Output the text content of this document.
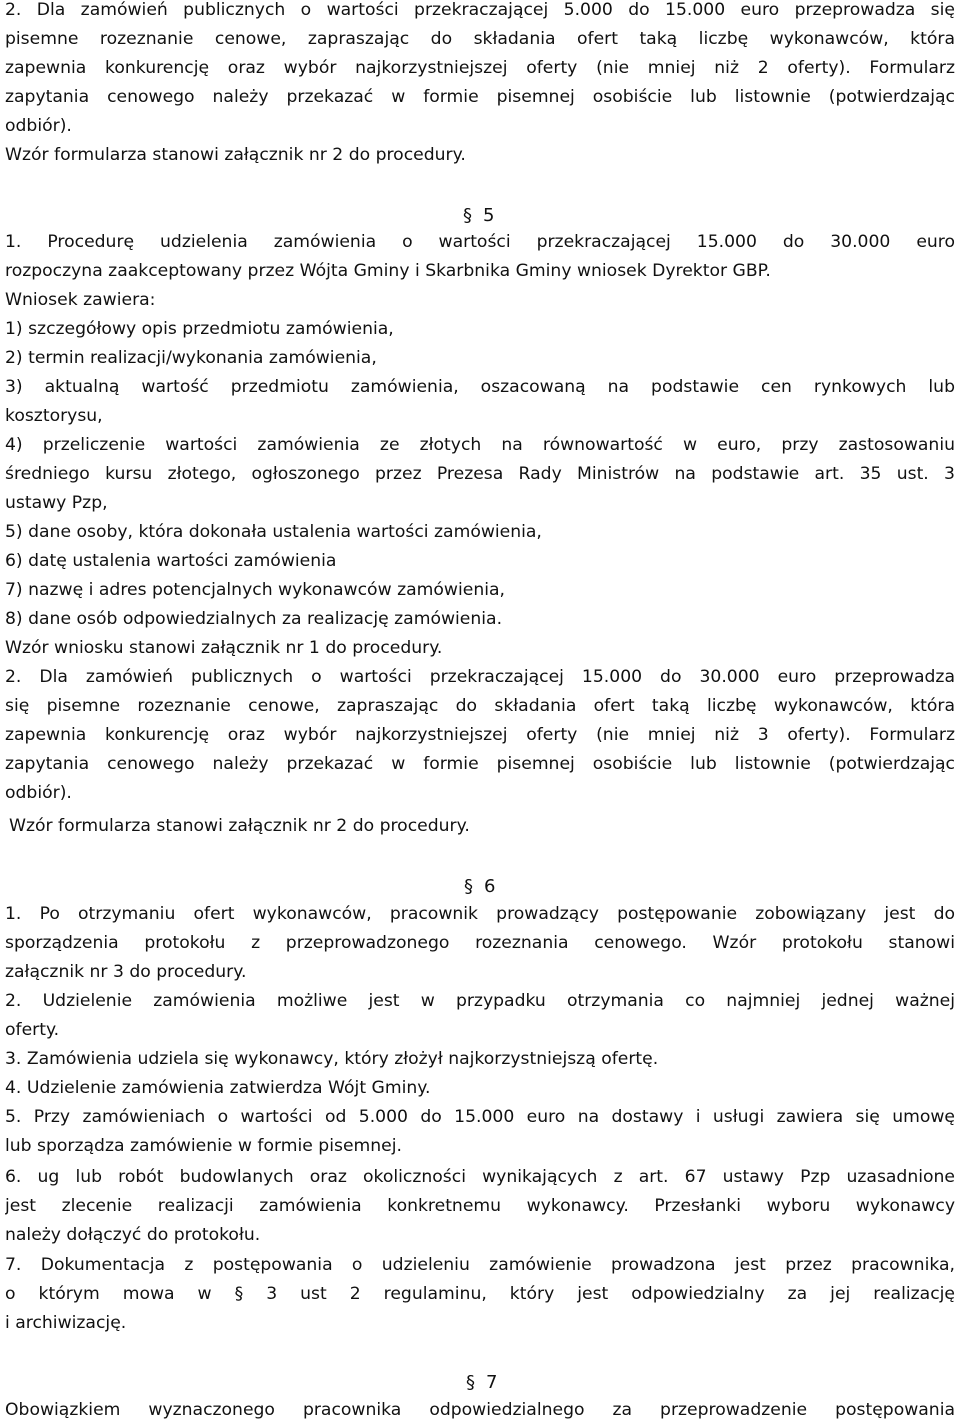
2. Dla zamówień publicznych o wartości przekraczającej 5.000 do 15.000 euro przeprowadza się
pisemne rozeznanie cenowe, zapraszając do składania ofert taką liczbę wykonawców, która
zapewnia konkurencję oraz wybór najkorzystniejszej oferty (nie mniej niż 2 oferty). Formularz
zapytania cenowego należy przekazać w formie pisemnej osobiście lub listownie (potwierdzając
odbiór).
Wzór formularza stanowi załącznik nr 2 do procedury.
§ 5
1. Procedurę udzielenia zamówienia o wartości przekraczającej 15.000 do 30.000 euro
rozpoczyna zaakceptowany przez Wójta Gminy i Skarbnika Gminy wniosek Dyrektor GBP.
Wniosek zawiera:
1) szczegółowy opis przedmiotu zamówienia,
2) termin realizacji/wykonania zamówienia,
3) aktualną wartość przedmiotu zamówienia, oszacowaną na podstawie cen rynkowych lub
kosztorysu,
4) przeliczenie wartości zamówienia ze złotych na równowartość w euro, przy zastosowaniu
średniego kursu złotego, ogłoszonego przez Prezesa Rady Ministrów na podstawie art. 35 ust. 3
ustawy Pzp,
5) dane osoby, która dokonała ustalenia wartości zamówienia,
6) datę ustalenia wartości zamówienia
7) nazwę i adres potencjalnych wykonawców zamówienia,
8) dane osób odpowiedzialnych za realizację zamówienia.
Wzór wniosku stanowi załącznik nr 1 do procedury.
2. Dla zamówień publicznych o wartości przekraczającej 15.000 do 30.000 euro przeprowadza
się pisemne rozeznanie cenowe, zapraszając do składania ofert taką liczbę wykonawców, która
zapewnia konkurencję oraz wybór najkorzystniejszej oferty (nie mniej niż 3 oferty). Formularz
zapytania cenowego należy przekazać w formie pisemnej osobiście lub listownie (potwierdzając
odbiór).
Wzór formularza stanowi załącznik nr 2 do procedury.
§ 6
1. Po otrzymaniu ofert wykonawców, pracownik prowadzący postępowanie zobowiązany jest do
sporządzenia protokołu z przeprowadzonego rozeznania cenowego. Wzór protokołu stanowi
załącznik nr 3 do procedury.
2. Udzielenie zamówienia możliwe jest w przypadku otrzymania co najmniej jednej ważnej
oferty.
3. Zamówienia udziela się wykonawcy, który złożył najkorzystniejszą ofertę.
4. Udzielenie zamówienia zatwierdza Wójt Gminy.
5. Przy zamówieniach o wartości od 5.000 do 15.000 euro na dostawy i usługi zawiera się umowę
lub sporządza zamówienie w formie pisemnej.
6. ug lub robót budowlanych oraz okoliczności wynikających z art. 67 ustawy Pzp uzasadnione
jest zlecenie realizacji zamówienia konkretnemu wykonawcy. Przesłanki wyboru wykonawcy
należy dołączyć do protokołu.
7. Dokumentacja z postępowania o udzieleniu zamówienie prowadzona jest przez pracownika,
o którym mowa w § 3 ust 2 regulaminu, który jest odpowiedzialny za jej realizację
i archiwizację.
§ 7
Obowiązkiem wyznaczonego pracownika odpowiedzialnego za przeprowadzenie postępowania
